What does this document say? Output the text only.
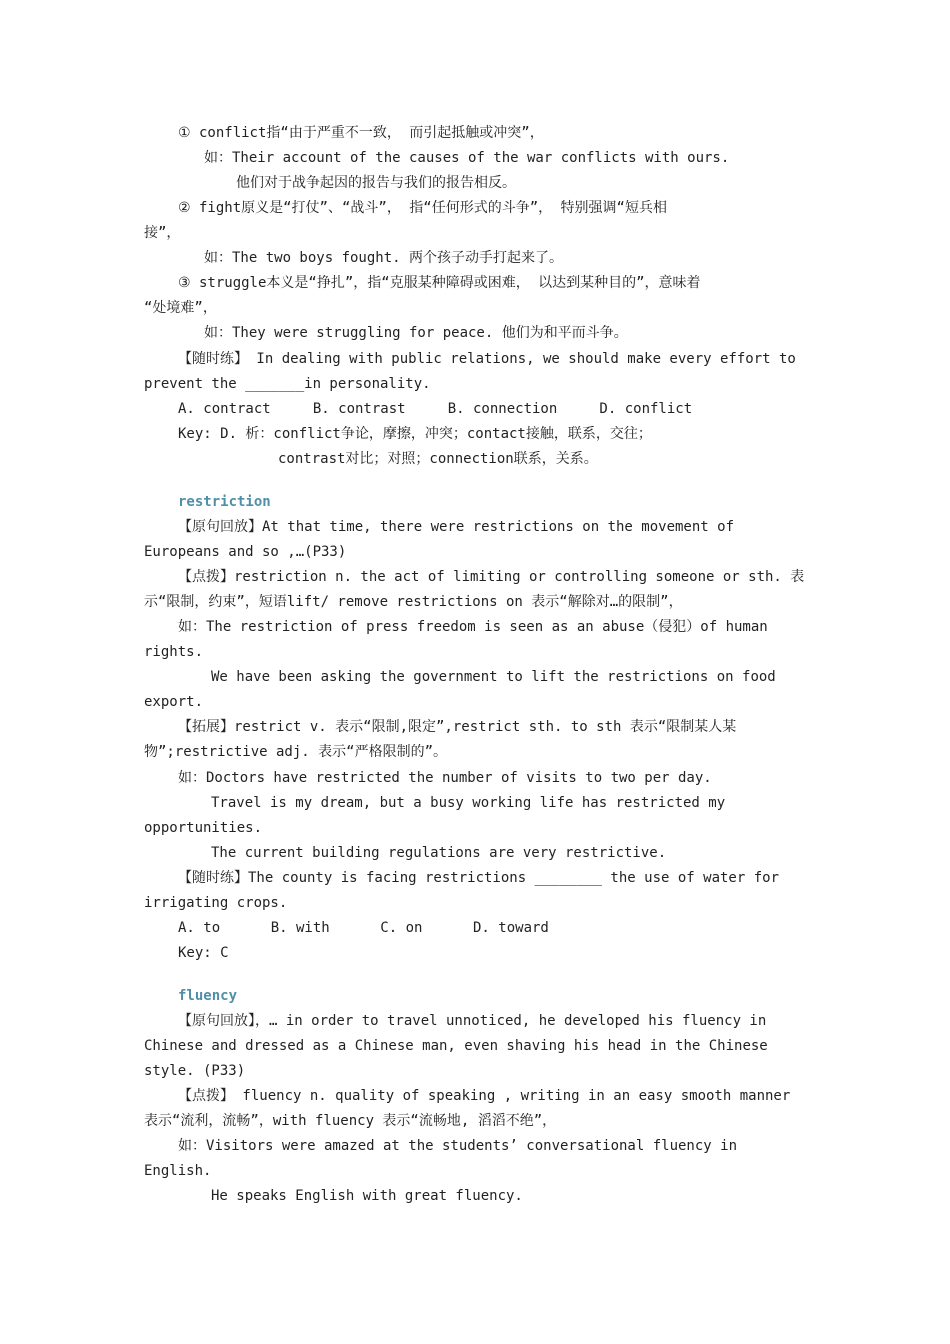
① conflict指“由于严重不一致， 而引起抵触或冲突”，
如：Their account of the causes of the war conflicts with ours.
他们对于战争起因的报告与我们的报告相反。
② fight原义是“打仗”、“战斗”， 指“任何形式的斗争”， 特别强调“短兵相
接”，
如：The two boys fought. 两个孩子动手打起来了。
③ struggle本义是“挣扎”，指“克服某种障碍或困难， 以达到某种目的”，意味着
“处境难”，
如：They were struggling for peace. 他们为和平而斗争。
【随时练】 In dealing with public relations, we should make every effort to
prevent the _______in personality.
A. contract     B. contrast     B. connection     D. conflict
Key: D. 析：conflict争论，摩擦，冲突；contact接触，联系，交往；
contrast对比；对照；connection联系，关系。
restriction
【原句回放】At that time, there were restrictions on the movement of
Europeans and so ,…(P33)
【点拨】restriction n. the act of limiting or controlling someone or sth. 表
示“限制，约束”，短语lift/ remove restrictions on 表示“解除对…的限制”，
如：The restriction of press freedom is seen as an abuse（侵犯）of human
rights.
We have been asking the government to lift the restrictions on food
export.
【拓展】restrict v. 表示“限制,限定”,restrict sth. to sth 表示“限制某人某
物”;restrictive adj. 表示“严格限制的”。
如：Doctors have restricted the number of visits to two per day.
Travel is my dream, but a busy working life has restricted my
opportunities.
The current building regulations are very restrictive.
【随时练】The county is facing restrictions ________ the use of water for
irrigating crops.
A. to      B. with      C. on      D. toward
Key: C
fluency
【原句回放】，… in order to travel unnoticed, he developed his fluency in
Chinese and dressed as a Chinese man, even shaving his head in the Chinese
style. (P33)
【点拨】 fluency n. quality of speaking , writing in an easy smooth manner
表示“流利，流畅”，with fluency 表示“流畅地, 滔滔不绝”，
如：Visitors were amazed at the students’ conversational fluency in
English.
He speaks English with great fluency.
